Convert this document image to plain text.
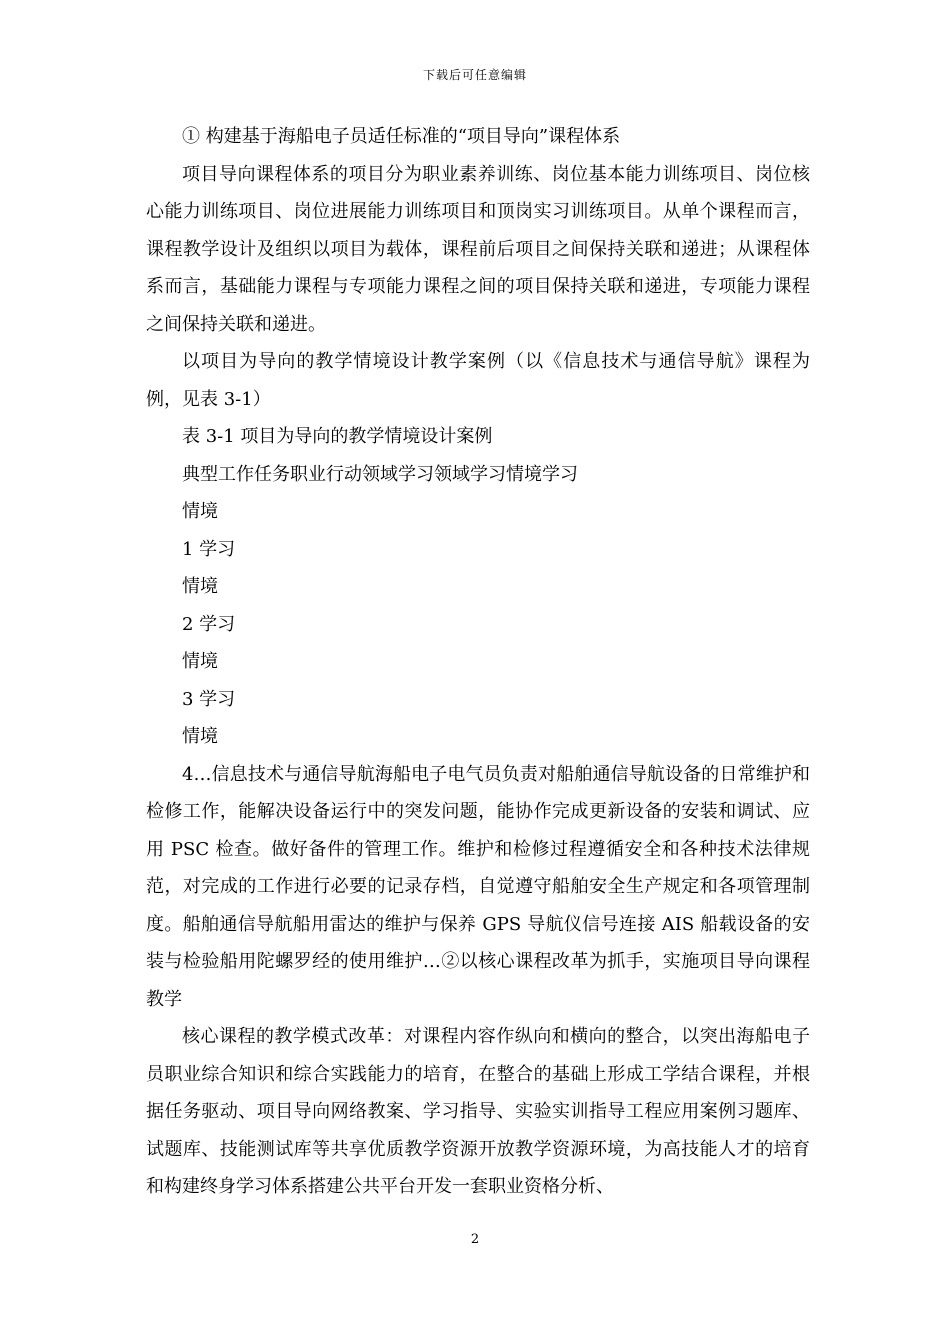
下载后可任意编辑

① 构建基于海船电子员适任标准的“项目导向”课程体系

项目导向课程体系的项目分为职业素养训练、岗位基本能力训练项目、岗位核心能力训练项目、岗位进展能力训练项目和顶岗实习训练项目。从单个课程而言，课程教学设计及组织以项目为载体，课程前后项目之间保持关联和递进；从课程体系而言，基础能力课程与专项能力课程之间的项目保持关联和递进，专项能力课程之间保持关联和递进。

以项目为导向的教学情境设计教学案例（以《信息技术与通信导航》课程为例，见表 3-1）

表 3-1 项目为导向的教学情境设计案例

典型工作任务职业行动领域学习领域学习情境学习

情境

1 学习

情境

2 学习

情境

3 学习

情境

4…信息技术与通信导航海船电子电气员负责对船舶通信导航设备的日常维护和检修工作，能解决设备运行中的突发问题，能协作完成更新设备的安装和调试、应用 PSC 检查。做好备件的管理工作。维护和检修过程遵循安全和各种技术法律规范，对完成的工作进行必要的记录存档，自觉遵守船舶安全生产规定和各项管理制度。船舶通信导航船用雷达的维护与保养 GPS 导航仪信号连接 AIS 船载设备的安装与检验船用陀螺罗经的使用维护…②以核心课程改革为抓手，实施项目导向课程教学

核心课程的教学模式改革：对课程内容作纵向和横向的整合，以突出海船电子员职业综合知识和综合实践能力的培育，在整合的基础上形成工学结合课程，并根据任务驱动、项目导向网络教案、学习指导、实验实训指导工程应用案例习题库、试题库、技能测试库等共享优质教学资源开放教学资源环境，为高技能人才的培育和构建终身学习体系搭建公共平台开发一套职业资格分析、

2
